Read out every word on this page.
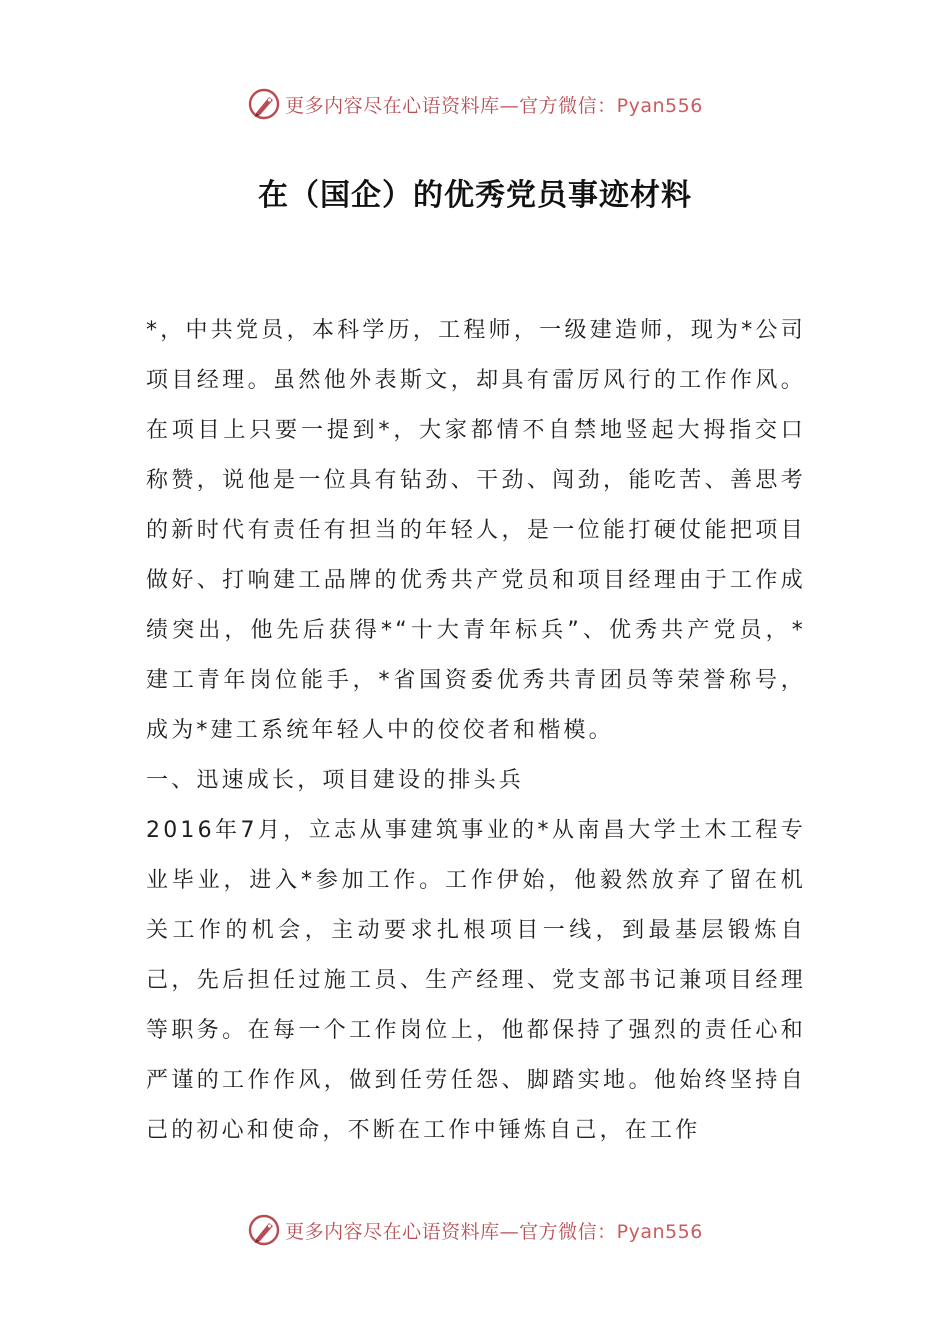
更多内容尽在心语资料库—官方微信：Pyan556
在（国企）的优秀党员事迹材料

*，中共党员，本科学历，工程师，一级建造师，现为*公司项目经理。虽然他外表斯文，却具有雷厉风行的工作作风。在项目上只要一提到*，大家都情不自禁地竖起大拇指交口称赞，说他是一位具有钻劲、干劲、闯劲，能吃苦、善思考的新时代有责任有担当的年轻人，是一位能打硬仗能把项目做好、打响建工品牌的优秀共产党员和项目经理由于工作成绩突出，他先后获得*“十大青年标兵”、优秀共产党员，*建工青年岗位能手，*省国资委优秀共青团员等荣誉称号，成为*建工系统年轻人中的佼佼者和楷模。

一、迅速成长，项目建设的排头兵

2016年7月，立志从事建筑事业的*从南昌大学土木工程专业毕业，进入*参加工作。工作伊始，他毅然放弃了留在机关工作的机会，主动要求扎根项目一线，到最基层锻炼自己，先后担任过施工员、生产经理、党支部书记兼项目经理等职务。在每一个工作岗位上，他都保持了强烈的责任心和严谨的工作作风，做到任劳任怨、脚踏实地。他始终坚持自己的初心和使命，不断在工作中锤炼自己，在工作

更多内容尽在心语资料库—官方微信：Pyan556
